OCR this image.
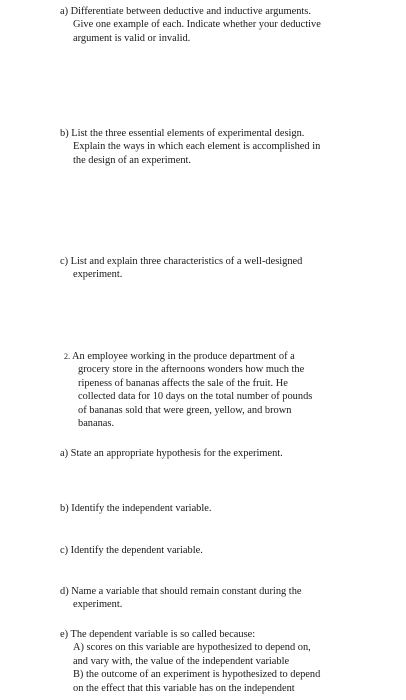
a) Differentiate between deductive and inductive arguments.
Give one example of each. Indicate whether your deductive
argument is valid or invalid.
b) List the three essential elements of experimental design.
Explain the ways in which each element is accomplished in
the design of an experiment.
c) List and explain three characteristics of a well-designed
experiment.
2. An employee working in the produce department of a
grocery store in the afternoons wonders how much the
ripeness of bananas affects the sale of the fruit. He
collected data for 10 days on the total number of pounds
of bananas sold that were green, yellow, and brown
bananas.
a) State an appropriate hypothesis for the experiment.
b) Identify the independent variable.
c) Identify the dependent variable.
d) Name a variable that should remain constant during the
experiment.
e) The dependent variable is so called because:
A) scores on this variable are hypothesized to depend on,
and vary with, the value of the independent variable
B) the outcome of an experiment is hypothesized to depend
on the effect that this variable has on the independent
